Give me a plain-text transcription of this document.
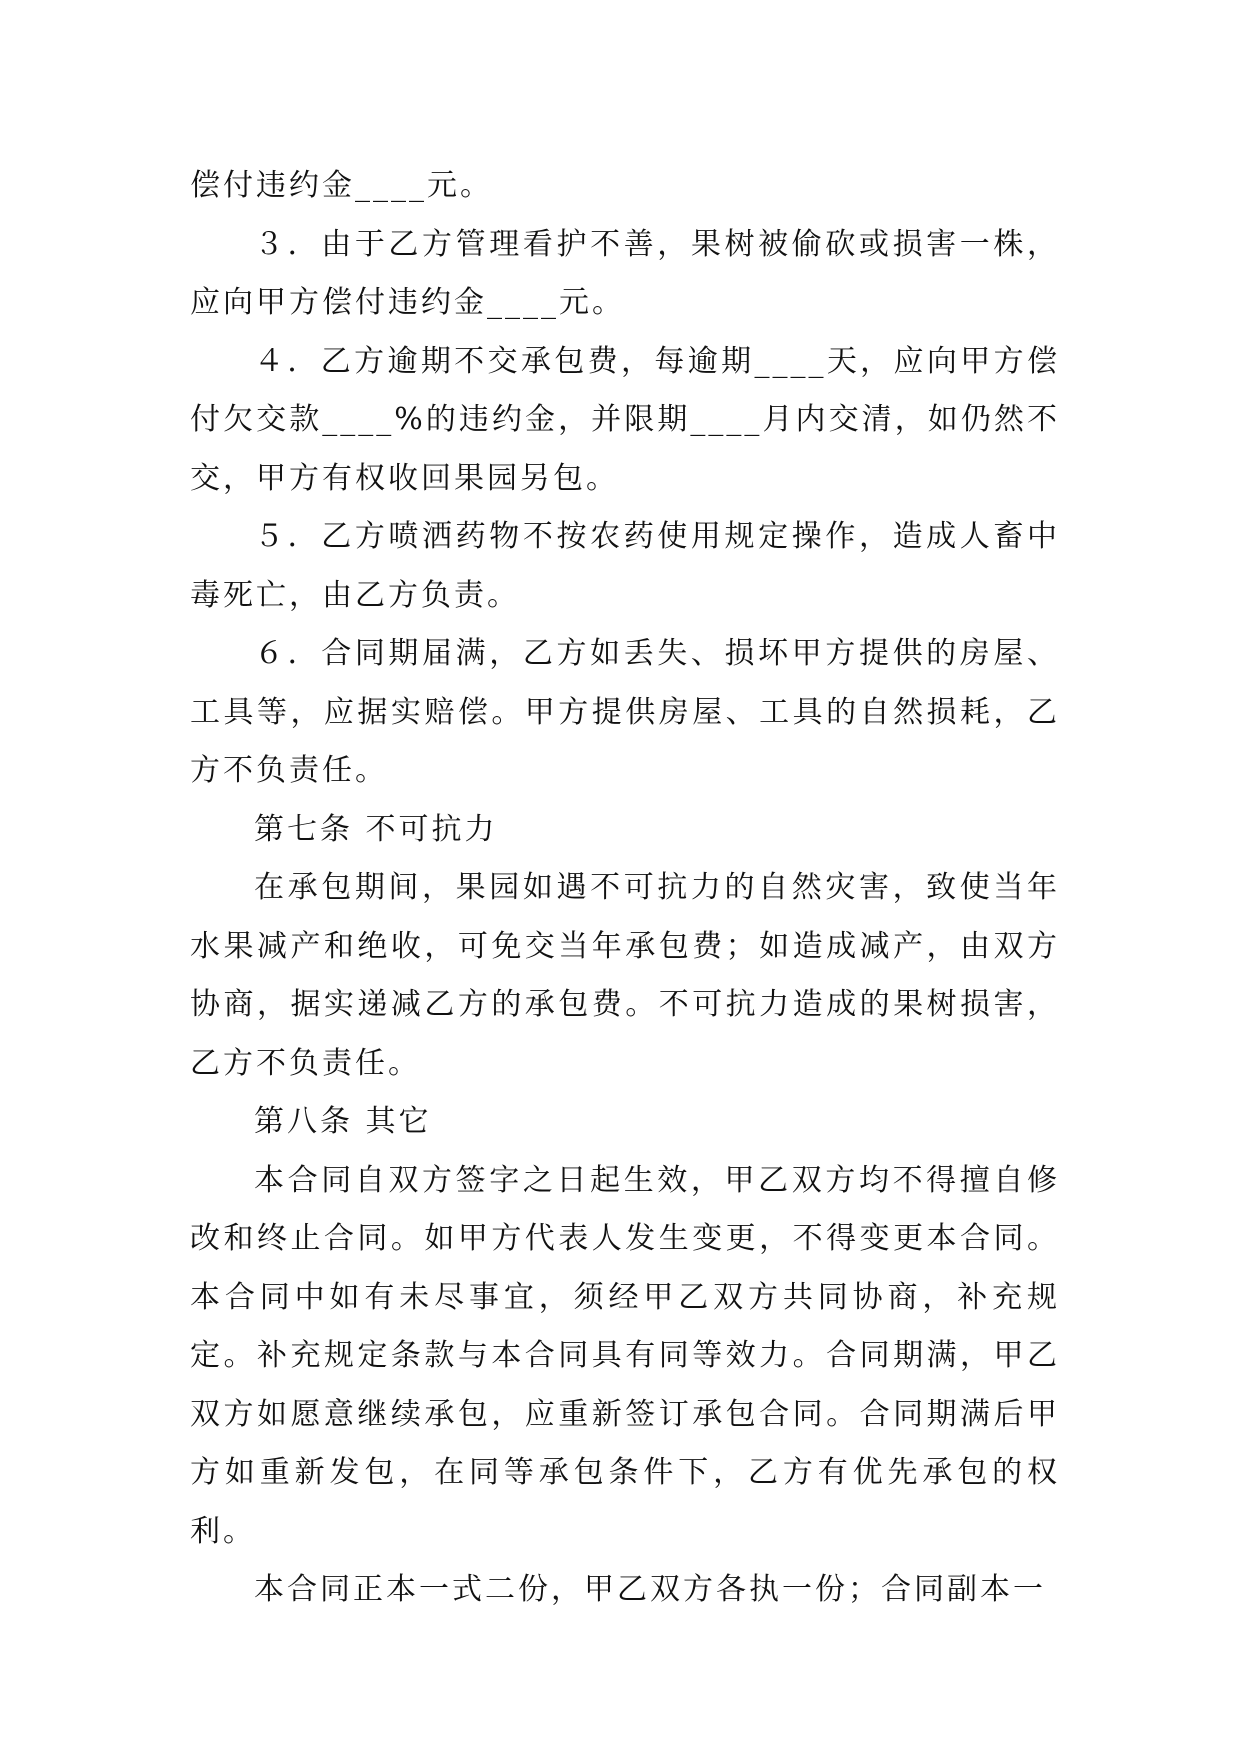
偿付违约金____元。

３．由于乙方管理看护不善，果树被偷砍或损害一株，应向甲方偿付违约金____元。

４．乙方逾期不交承包费，每逾期____天，应向甲方偿付欠交款____%的违约金，并限期____月内交清，如仍然不交，甲方有权收回果园另包。

５．乙方喷洒药物不按农药使用规定操作，造成人畜中毒死亡，由乙方负责。

６．合同期届满，乙方如丢失、损坏甲方提供的房屋、工具等，应据实赔偿。甲方提供房屋、工具的自然损耗，乙方不负责任。

第七条 不可抗力

在承包期间，果园如遇不可抗力的自然灾害，致使当年水果减产和绝收，可免交当年承包费；如造成减产，由双方协商，据实递减乙方的承包费。不可抗力造成的果树损害，乙方不负责任。

第八条 其它

本合同自双方签字之日起生效，甲乙双方均不得擅自修改和终止合同。如甲方代表人发生变更，不得变更本合同。本合同中如有未尽事宜，须经甲乙双方共同协商，补充规定。补充规定条款与本合同具有同等效力。合同期满，甲乙双方如愿意继续承包，应重新签订承包合同。合同期满后甲方如重新发包，在同等承包条件下，乙方有优先承包的权利。

本合同正本一式二份，甲乙双方各执一份；合同副本一
